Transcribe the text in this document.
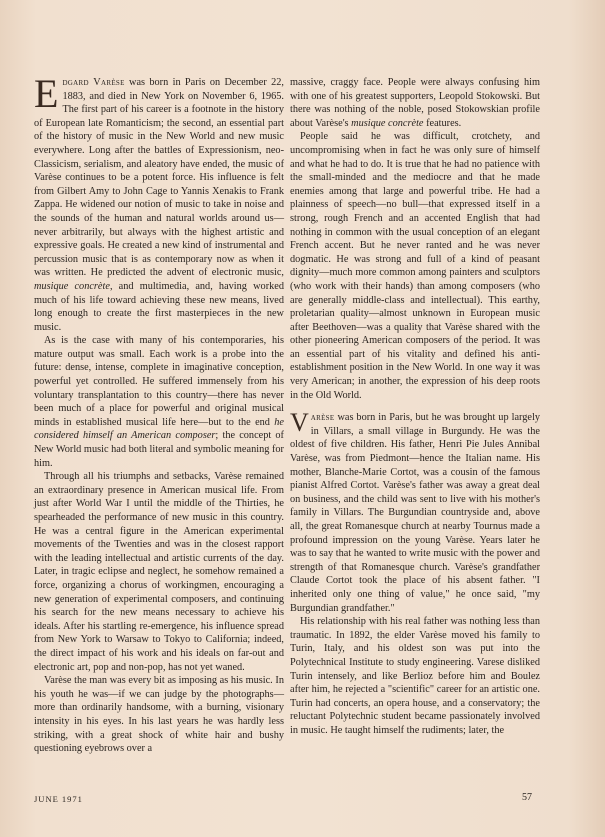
Edgard Varèse was born in Paris on December 22, 1883, and died in New York on November 6, 1965. The first part of his career is a footnote in the history of European late Romanticism; the second, an essential part of the history of music in the New World and new music everywhere. Long after the battles of Expressionism, neo-Classicism, serialism, and aleatory have ended, the music of Varèse continues to be a potent force. His influence is felt from Gilbert Amy to John Cage to Yannis Xenakis to Frank Zappa. He widened our notion of music to take in noise and the sounds of the human and natural worlds around us—never arbitrarily, but always with the highest artistic and expressive goals. He created a new kind of instrumental and percussion music that is as contemporary now as when it was written. He predicted the advent of electronic music, musique concrète, and multimedia, and, having worked much of his life toward achieving these new means, lived long enough to create the first masterpieces in the new music.

As is the case with many of his contemporaries, his mature output was small. Each work is a probe into the future: dense, intense, complete in imaginative conception, powerful yet controlled. He suffered immensely from his voluntary transplantation to this country—there has never been much of a place for powerful and original musical minds in established musical life here—but to the end he considered himself an American composer; the concept of New World music had both literal and symbolic meaning for him.

Through all his triumphs and setbacks, Varèse remained an extraordinary presence in American musical life. From just after World War I until the middle of the Thirties, he spearheaded the performance of new music in this country. He was a central figure in the American experimental movements of the Twenties and was in the closest rapport with the leading intellectual and artistic currents of the day. Later, in tragic eclipse and neglect, he somehow remained a force, organizing a chorus of workingmen, encouraging a new generation of experimental composers, and continuing his search for the new means necessary to achieve his ideals. After his startling re-emergence, his influence spread from New York to Warsaw to Tokyo to California; indeed, the direct impact of his work and his ideals on far-out and electronic art, pop and non-pop, has not yet waned.

Varèse the man was every bit as imposing as his music. In his youth he was—if we can judge by the photographs—more than ordinarily handsome, with a burning, visionary intensity in his eyes. In his last years he was hardly less striking, with a great shock of white hair and bushy questioning eyebrows over a

massive, craggy face. People were always confusing him with one of his greatest supporters, Leopold Stokowski. But there was nothing of the noble, posed Stokowskian profile about Varèse's musique concrète features.

People said he was difficult, crotchety, and uncompromising when in fact he was only sure of himself and what he had to do. It is true that he had no patience with the small-minded and the mediocre and that he made enemies among that large and powerful tribe. He had a plainness of speech—no bull—that expressed itself in a strong, rough French and an accented English that had nothing in common with the usual conception of an elegant French accent. But he never ranted and he was never dogmatic. He was strong and full of a kind of peasant dignity—much more common among painters and sculptors (who work with their hands) than among composers (who are generally middle-class and intellectual). This earthy, proletarian quality—almost unknown in European music after Beethoven—was a quality that Varèse shared with the other pioneering American composers of the period. It was an essential part of his vitality and defined his anti-establishment position in the New World. In one way it was very American; in another, the expression of his deep roots in the Old World.

Varèse was born in Paris, but he was brought up largely in Villars, a small village in Burgundy. He was the oldest of five children. His father, Henri Pie Jules Annibal Varèse, was from Piedmont—hence the Italian name. His mother, Blanche-Marie Cortot, was a cousin of the famous pianist Alfred Cortot. Varèse's father was away a great deal on business, and the child was sent to live with his mother's family in Villars. The Burgundian countryside and, above all, the great Romanesque church at nearby Tournus made a profound impression on the young Varèse. Years later he was to say that he wanted to write music with the power and strength of that Romanesque church. Varèse's grandfather Claude Cortot took the place of his absent father. "I inherited only one thing of value," he once said, "my Burgundian grandfather."

His relationship with his real father was nothing less than traumatic. In 1892, the elder Varèse moved his family to Turin, Italy, and his oldest son was put into the Polytechnical Institute to study engineering. Varese disliked Turin intensely, and like Berlioz before him and Boulez after him, he rejected a "scientific" career for an artistic one. Turin had concerts, an opera house, and a conservatory; the reluctant Polytechnic student became passionately involved in music. He taught himself the rudiments; later, the

JUNE 1971	57
